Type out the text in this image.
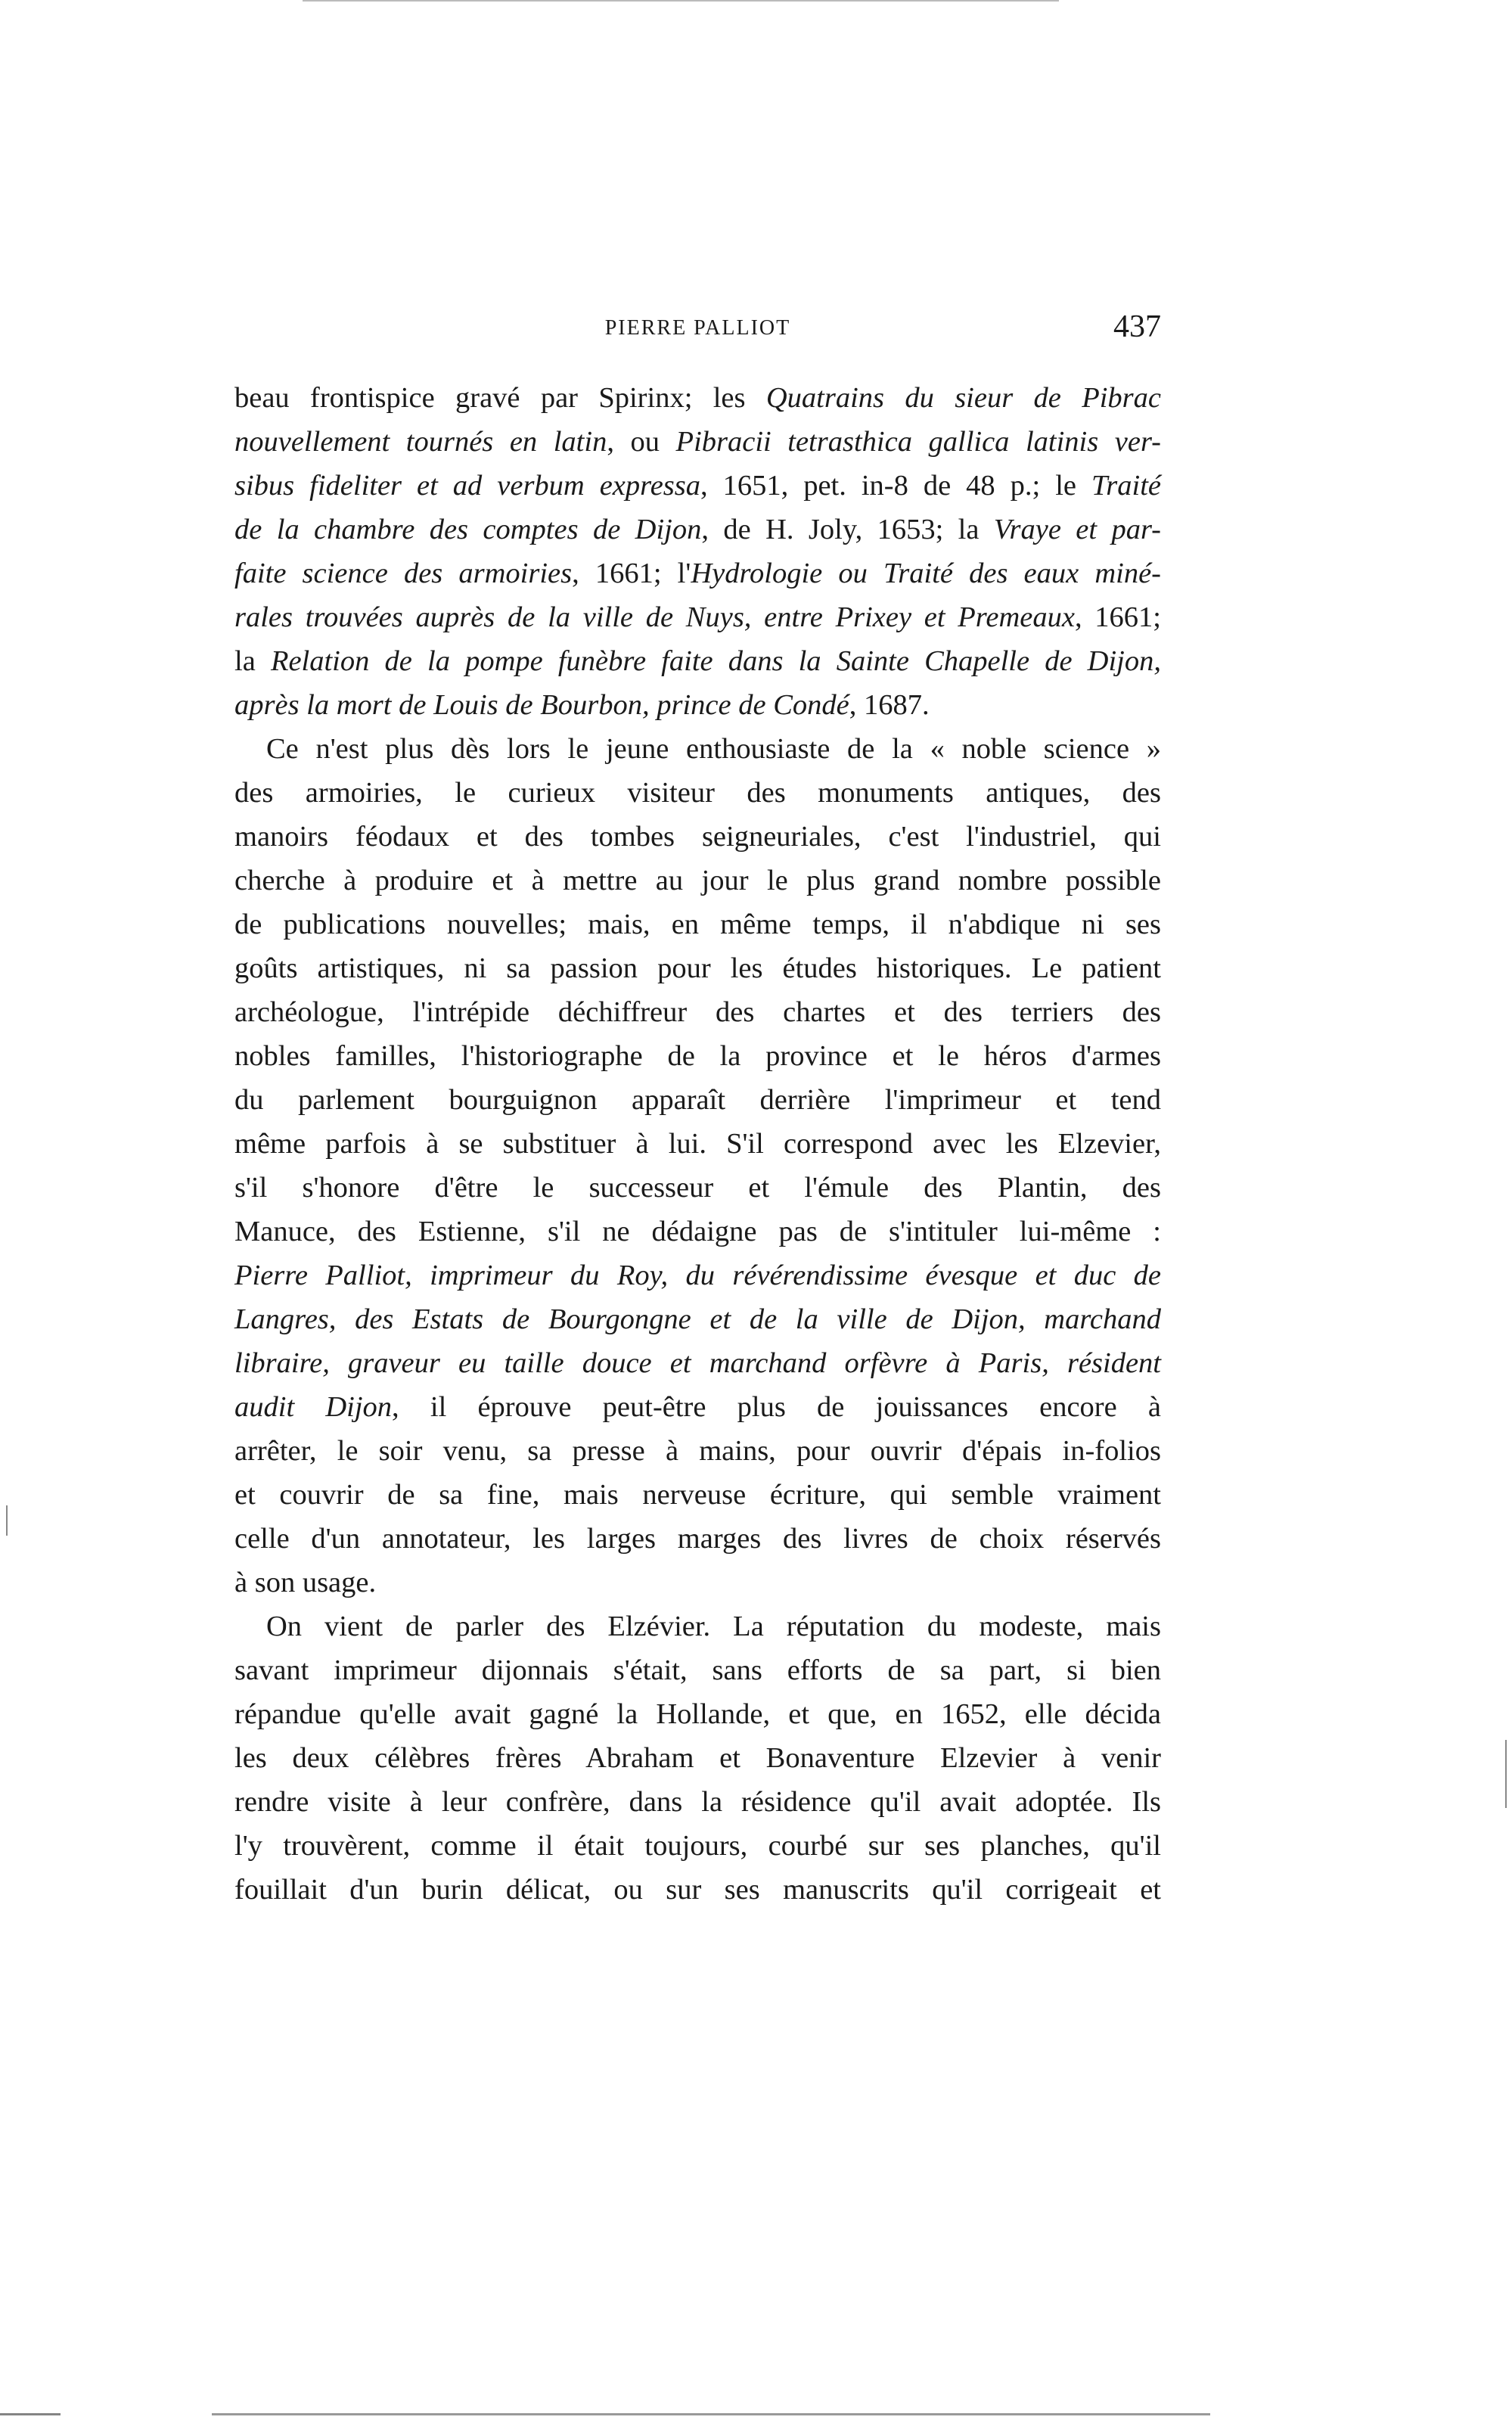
PIERRE PALLIOT	437
beau frontispice gravé par Spirinx; les Quatrains du sieur de Pibrac
nouvellement tournés en latin, ou Pibracii tetrasthica gallica latinis ver-
sibus fideliter et ad verbum expressa, 1651, pet. in-8 de 48 p.; le Traité
de la chambre des comptes de Dijon, de H. Joly, 1653; la Vraye et par-
faite science des armoiries, 1661; l'Hydrologie ou Traité des eaux miné-
rales trouvées auprès de la ville de Nuys, entre Prixey et Premeaux, 1661;
la Relation de la pompe funèbre faite dans la Sainte Chapelle de Dijon,
après la mort de Louis de Bourbon, prince de Condé, 1687.
Ce n'est plus dès lors le jeune enthousiaste de la « noble science »
des armoiries, le curieux visiteur des monuments antiques, des
manoirs féodaux et des tombes seigneuriales, c'est l'industriel, qui
cherche à produire et à mettre au jour le plus grand nombre possible
de publications nouvelles; mais, en même temps, il n'abdique ni ses
goûts artistiques, ni sa passion pour les études historiques. Le patient
archéologue, l'intrépide déchiffreur des chartes et des terriers des
nobles familles, l'historiographe de la province et le héros d'armes
du parlement bourguignon apparaît derrière l'imprimeur et tend
même parfois à se substituer à lui. S'il correspond avec les Elzevier,
s'il s'honore d'être le successeur et l'émule des Plantin, des
Manuce, des Estienne, s'il ne dédaigne pas de s'intituler lui-même :
Pierre Palliot, imprimeur du Roy, du révérendissime évesque et duc de
Langres, des Estats de Bourgongne et de la ville de Dijon, marchand
libraire, graveur eu taille douce et marchand orfèvre à Paris, résident
audit Dijon, il éprouve peut-être plus de jouissances encore à
arrêter, le soir venu, sa presse à mains, pour ouvrir d'épais in-folios
et couvrir de sa fine, mais nerveuse écriture, qui semble vraiment
celle d'un annotateur, les larges marges des livres de choix réservés
à son usage.
On vient de parler des Elzévier. La réputation du modeste, mais
savant imprimeur dijonnais s'était, sans efforts de sa part, si bien
répandue qu'elle avait gagné la Hollande, et que, en 1652, elle décida
les deux célèbres frères Abraham et Bonaventure Elzevier à venir
rendre visite à leur confrère, dans la résidence qu'il avait adoptée. Ils
l'y trouvèrent, comme il était toujours, courbé sur ses planches, qu'il
fouillait d'un burin délicat, ou sur ses manuscrits qu'il corrigeait et
